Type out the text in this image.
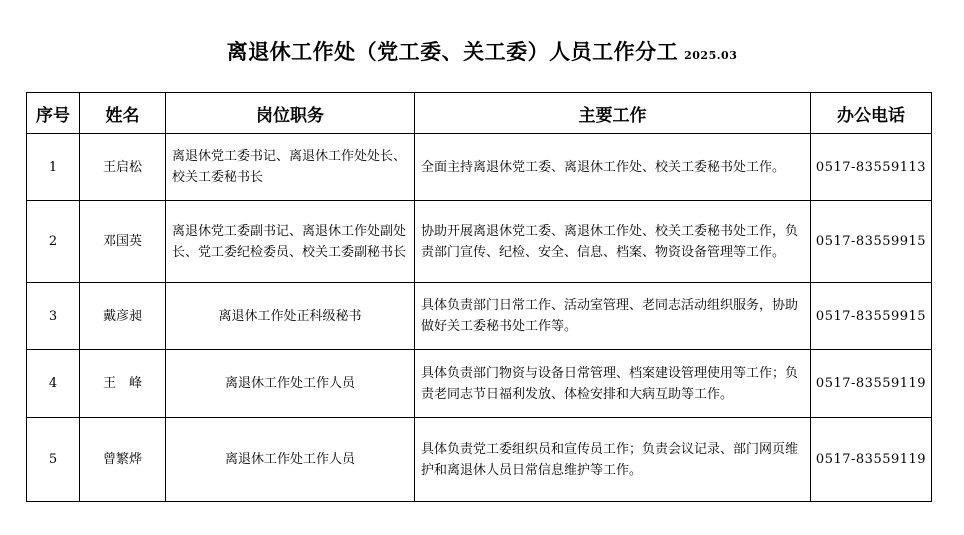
离退休工作处（党工委、关工委）人员工作分工 2025.03
序号	姓名	岗位职务	主要工作	办公电话
1	王启松	离退休党工委书记、离退休工作处处长、校关工委秘书长	全面主持离退休党工委、离退休工作处、校关工委秘书处工作。	0517-83559113
2	邓国英	离退休党工委副书记、离退休工作处副处长、党工委纪检委员、校关工委副秘书长	协助开展离退休党工委、离退休工作处、校关工委秘书处工作，负责部门宣传、纪检、安全、信息、档案、物资设备管理等工作。	0517-83559915
3	戴彦昶	离退休工作处正科级秘书	具体负责部门日常工作、活动室管理、老同志活动组织服务，协助做好关工委秘书处工作等。	0517-83559915
4	王　峰	离退休工作处工作人员	具体负责部门物资与设备日常管理、档案建设管理使用等工作；负责老同志节日福利发放、体检安排和大病互助等工作。	0517-83559119
5	曾繁烨	离退休工作处工作人员	具体负责党工委组织员和宣传员工作；负责会议记录、部门网页维护和离退休人员日常信息维护等工作。	0517-83559119
